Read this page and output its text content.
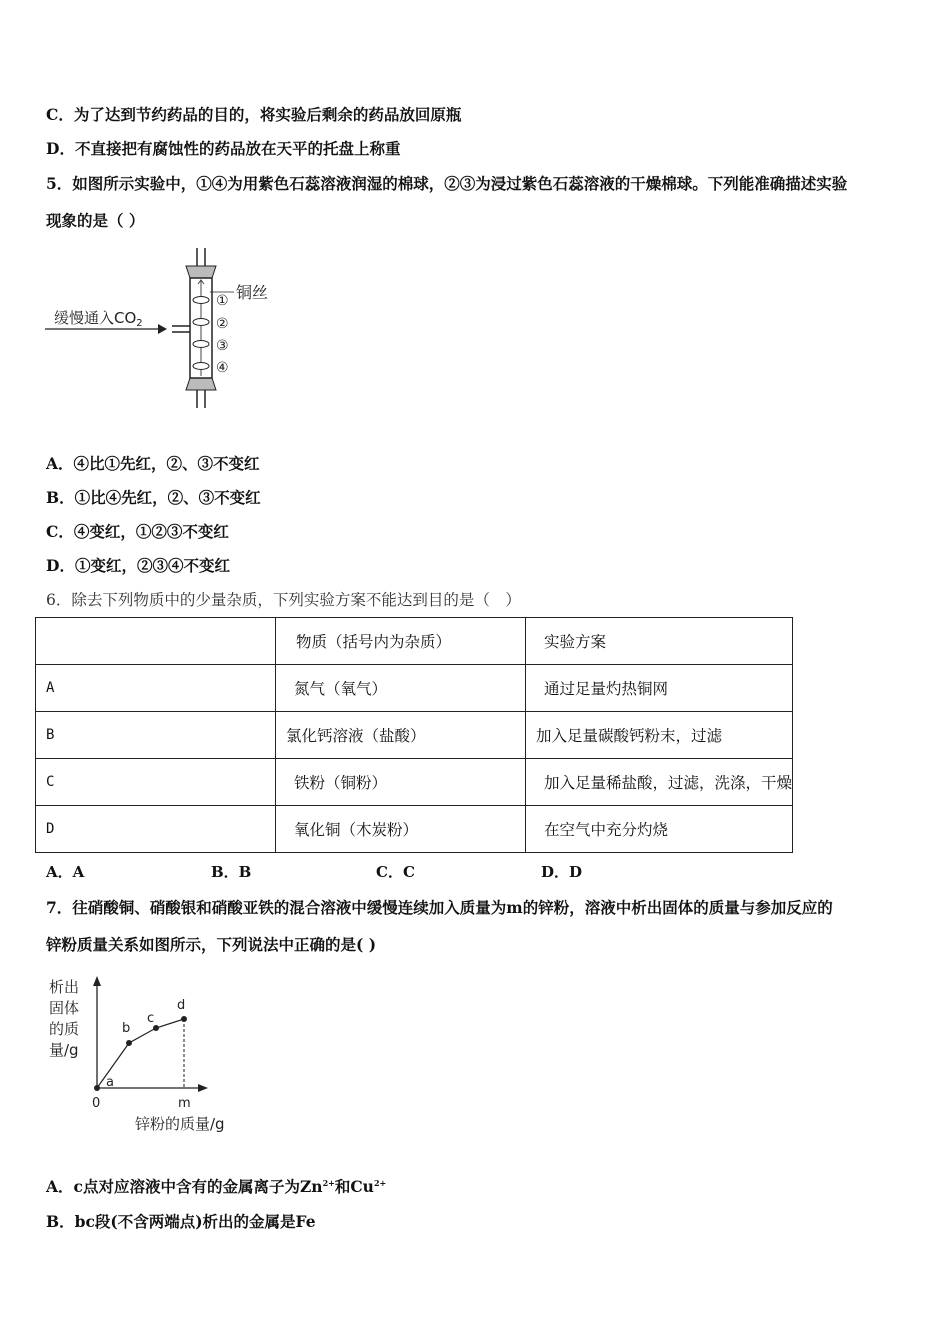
C．为了达到节约药品的目的，将实验后剩余的药品放回原瓶
D．不直接把有腐蚀性的药品放在天平的托盘上称重
5．如图所示实验中，①④为用紫色石蕊溶液润湿的棉球，②③为浸过紫色石蕊溶液的干燥棉球。下列能准确描述实验
现象的是（ ）
缓慢通入$CO_2$
铜丝
①
②
③
④
A．④比①先红，②、③不变红
B．①比④先红，②、③不变红
C．④变红，①②③不变红
D．①变红，②③④不变红
6．除去下列物质中的少量杂质，下列实验方案不能达到目的是（　）
	物质（括号内为杂质）	实验方案
A	氮气（氧气）	通过足量灼热铜网
B	氯化钙溶液（盐酸）	加入足量碳酸钙粉末，过滤
C	铁粉（铜粉）	加入足量稀盐酸，过滤，洗涤，干燥
D	氧化铜（木炭粉）	在空气中充分灼烧
A．A	B．B	C．C	D．D
7．往硝酸铜、硝酸银和硝酸亚铁的混合溶液中缓慢连续加入质量为m的锌粉，溶液中析出固体的质量与参加反应的
锌粉质量关系如图所示，下列说法中正确的是( )
析出
固体
的质
量/g
a
b
c
d
0	m
锌粉的质量/g
A．c点对应溶液中含有的金属离子为$Zn^{2+}$和$Cu^{2+}$
B．bc段(不含两端点)析出的金属是Fe
